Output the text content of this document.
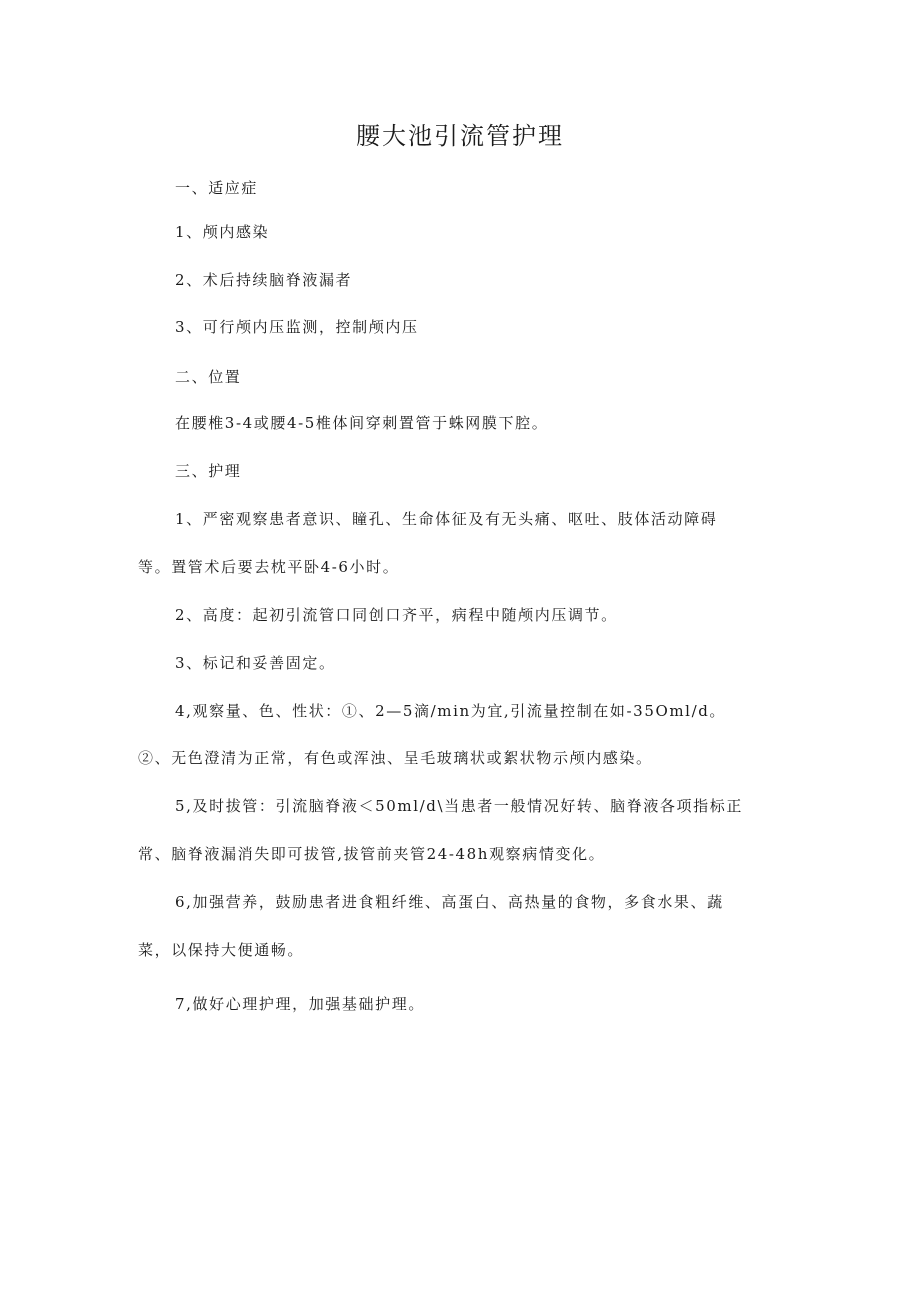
腰大池引流管护理

一、适应症

1、颅内感染

2、术后持续脑脊液漏者

3、可行颅内压监测，控制颅内压

二、位置

在腰椎3-4或腰4-5椎体间穿刺置管于蛛网膜下腔。

三、护理

1、严密观察患者意识、瞳孔、生命体征及有无头痛、呕吐、肢体活动障碍

等。置管术后要去枕平卧4-6小时。

2、高度：起初引流管口同创口齐平，病程中随颅内压调节。

3、标记和妥善固定。

4,观察量、色、性状：①、2—5滴/min为宜,引流量控制在如-35Oml/d。

②、无色澄清为正常，有色或浑浊、呈毛玻璃状或絮状物示颅内感染。

5,及时拔管：引流脑脊液＜50ml/d\当患者一般情况好转、脑脊液各项指标正

常、脑脊液漏消失即可拔管,拔管前夹管24-48h观察病情变化。

6,加强营养，鼓励患者进食粗纤维、高蛋白、高热量的食物，多食水果、蔬

菜，以保持大便通畅。

7,做好心理护理，加强基础护理。
